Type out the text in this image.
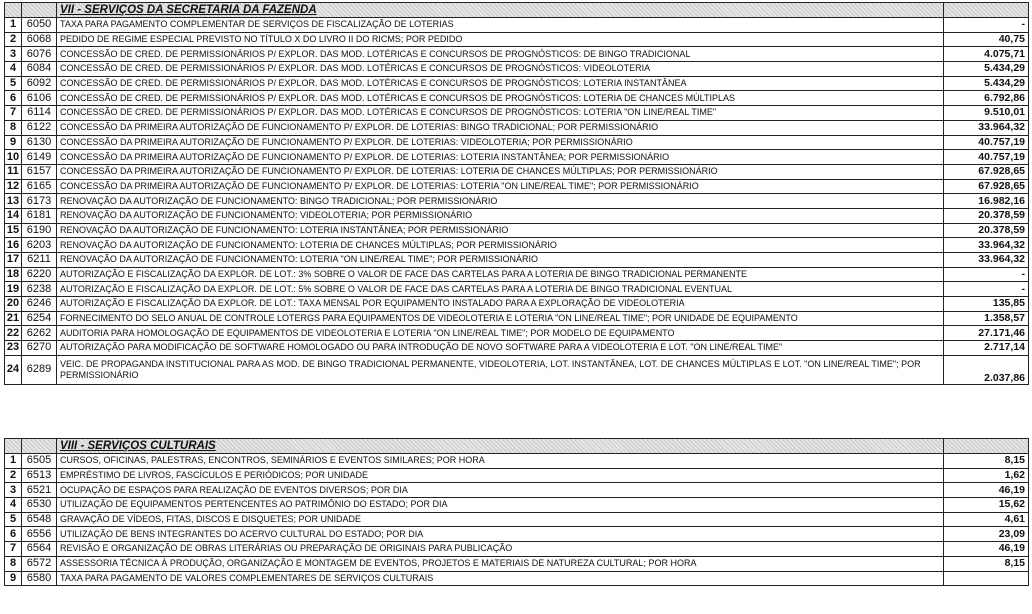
		VII - SERVIÇOS DA SECRETARIA DA FAZENDA	
1	6050	TAXA PARA PAGAMENTO COMPLEMENTAR DE SERVIÇOS DE FISCALIZAÇÃO DE LOTERIAS	-
2	6068	PEDIDO DE REGIME ESPECIAL PREVISTO NO TÍTULO X DO LIVRO II DO RICMS; POR PEDIDO	40,75
3	6076	CONCESSÃO DE CRED. DE PERMISSIONÁRIOS P/ EXPLOR. DAS MOD. LOTÉRICAS E CONCURSOS DE PROGNÓSTICOS: DE BINGO TRADICIONAL	4.075,71
4	6084	CONCESSÃO DE CRED. DE PERMISSIONÁRIOS P/ EXPLOR. DAS MOD. LOTÉRICAS E CONCURSOS DE PROGNÓSTICOS: VIDEOLOTERIA	5.434,29
5	6092	CONCESSÃO DE CRED. DE PERMISSIONÁRIOS P/ EXPLOR. DAS MOD. LOTÉRICAS E CONCURSOS DE PROGNÓSTICOS: LOTERIA INSTANTÂNEA	5.434,29
6	6106	CONCESSÃO DE CRED. DE PERMISSIONÁRIOS P/ EXPLOR. DAS MOD. LOTÉRICAS E CONCURSOS DE PROGNÓSTICOS: LOTERIA DE CHANCES MÚLTIPLAS	6.792,86
7	6114	CONCESSÃO DE CRED. DE PERMISSIONÁRIOS P/ EXPLOR. DAS MOD. LOTÉRICAS E CONCURSOS DE PROGNÓSTICOS: LOTERIA "ON LINE/REAL TIME"	9.510,01
8	6122	CONCESSÃO DA PRIMEIRA AUTORIZAÇÃO DE FUNCIONAMENTO P/ EXPLOR. DE LOTERIAS: BINGO TRADICIONAL; POR PERMISSIONÁRIO	33.964,32
9	6130	CONCESSÃO DA PRIMEIRA AUTORIZAÇÃO DE FUNCIONAMENTO P/ EXPLOR. DE LOTERIAS: VIDEOLOTERIA; POR PERMISSIONÁRIO	40.757,19
10	6149	CONCESSÃO DA PRIMEIRA AUTORIZAÇÃO DE FUNCIONAMENTO P/ EXPLOR. DE LOTERIAS: LOTERIA INSTANTÂNEA; POR PERMISSIONÁRIO	40.757,19
11	6157	CONCESSÃO DA PRIMEIRA AUTORIZAÇÃO DE FUNCIONAMENTO P/ EXPLOR. DE LOTERIAS: LOTERIA DE CHANCES MÚLTIPLAS; POR PERMISSIONÁRIO	67.928,65
12	6165	CONCESSÃO DA PRIMEIRA AUTORIZAÇÃO DE FUNCIONAMENTO P/ EXPLOR. DE LOTERIAS: LOTERIA "ON LINE/REAL TIME"; POR PERMISSIONÁRIO	67.928,65
13	6173	RENOVAÇÃO DA AUTORIZAÇÃO DE FUNCIONAMENTO: BINGO TRADICIONAL; POR PERMISSIONÁRIO	16.982,16
14	6181	RENOVAÇÃO DA AUTORIZAÇÃO DE FUNCIONAMENTO: VIDEOLOTERIA; POR PERMISSIONÁRIO	20.378,59
15	6190	RENOVAÇÃO DA AUTORIZAÇÃO DE FUNCIONAMENTO: LOTERIA INSTANTÂNEA; POR PERMISSIONÁRIO	20.378,59
16	6203	RENOVAÇÃO DA AUTORIZAÇÃO DE FUNCIONAMENTO: LOTERIA DE CHANCES MÚLTIPLAS; POR PERMISSIONÁRIO	33.964,32
17	6211	RENOVAÇÃO DA AUTORIZAÇÃO DE FUNCIONAMENTO: LOTERIA "ON LINE/REAL TIME"; POR PERMISSIONÁRIO	33.964,32
18	6220	AUTORIZAÇÃO E FISCALIZAÇÃO DA EXPLOR. DE LOT.: 3% SOBRE O VALOR DE FACE DAS CARTELAS PARA A LOTERIA DE BINGO TRADICIONAL PERMANENTE	-
19	6238	AUTORIZAÇÃO E FISCALIZAÇÃO DA EXPLOR. DE LOT.: 5% SOBRE O VALOR DE FACE DAS CARTELAS PARA A LOTERIA DE BINGO TRADICIONAL EVENTUAL	-
20	6246	AUTORIZAÇÃO E FISCALIZAÇÃO DA EXPLOR. DE LOT.: TAXA MENSAL POR EQUIPAMENTO INSTALADO PARA A EXPLORAÇÃO DE VIDEOLOTERIA	135,85
21	6254	FORNECIMENTO DO SELO ANUAL DE CONTROLE LOTERGS PARA EQUIPAMENTOS DE VIDEOLOTERIA E LOTERIA "ON LINE/REAL TIME"; POR UNIDADE DE EQUIPAMENTO	1.358,57
22	6262	AUDITORIA PARA HOMOLOGAÇÃO DE EQUIPAMENTOS DE VIDEOLOTERIA E LOTERIA "ON LINE/REAL TIME"; POR MODELO DE EQUIPAMENTO	27.171,46
23	6270	AUTORIZAÇÃO PARA MODIFICAÇÃO DE SOFTWARE HOMOLOGADO OU PARA INTRODUÇÃO DE NOVO SOFTWARE PARA A VIDEOLOTERIA E LOT. "ON LINE/REAL TIME"	2.717,14
24	6289	VEIC. DE PROPAGANDA INSTITUCIONAL PARA AS MOD. DE BINGO TRADICIONAL PERMANENTE, VIDEOLOTERIA, LOT. INSTANTÂNEA, LOT. DE CHANCES MÚLTIPLAS E LOT. "ON LINE/REAL TIME"; POR PERMISSIONÁRIO	2.037,86
		VIII - SERVIÇOS CULTURAIS	
1	6505	CURSOS, OFICINAS, PALESTRAS, ENCONTROS, SEMINÁRIOS E EVENTOS SIMILARES; POR HORA	8,15
2	6513	EMPRÉSTIMO DE LIVROS, FASCÍCULOS E PERIÓDICOS; POR UNIDADE	1,62
3	6521	OCUPAÇÃO DE ESPAÇOS PARA REALIZAÇÃO DE EVENTOS DIVERSOS; POR DIA	46,19
4	6530	UTILIZAÇÃO DE EQUIPAMENTOS PERTENCENTES AO PATRIMÔNIO DO ESTADO; POR DIA	15,62
5	6548	GRAVAÇÃO DE VÍDEOS, FITAS, DISCOS E DISQUETES; POR UNIDADE	4,61
6	6556	UTILIZAÇÃO DE BENS INTEGRANTES DO ACERVO CULTURAL DO ESTADO; POR DIA	23,09
7	6564	REVISÃO E ORGANIZAÇÃO DE OBRAS LITERÁRIAS OU PREPARAÇÃO DE ORIGINAIS PARA PUBLICAÇÃO	46,19
8	6572	ASSESSORIA TÉCNICA À PRODUÇÃO, ORGANIZAÇÃO E MONTAGEM DE EVENTOS, PROJETOS E MATERIAIS DE NATUREZA CULTURAL; POR HORA	8,15
9	6580	TAXA PARA PAGAMENTO DE VALORES COMPLEMENTARES DE SERVIÇOS CULTURAIS	
